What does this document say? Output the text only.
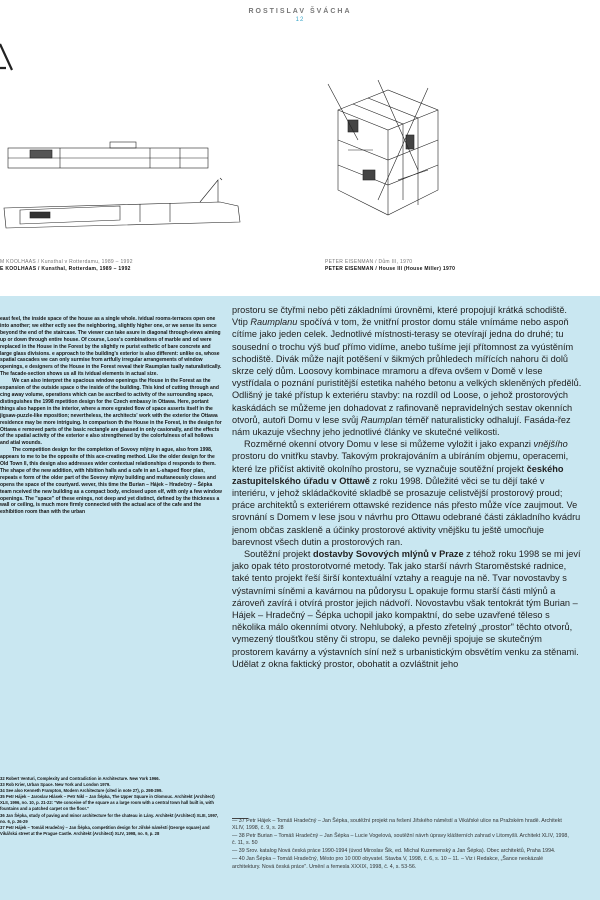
ROSTISLAV ŠVÁCHA
12
M KOOLHAAS / Kunsthal v Rotterdamu, 1989 – 1992
E KOOLHAAS / Kunsthal, Rotterdam, 1989 – 1992
PETER EISENMAN / Dům III, 1970
PETER EISENMAN / House III (House Miller) 1970

east feel, the inside space of the house as a single whole. ividual rooms-terraces open one into another; we either ectly see the neighboring, slightly higher one, or we sense its sence beyond the end of the staircase. The viewer can take asure in diagonal through-views aiming up or down through entire house. Of course, Loos's combinations of marble and od were replaced in the House in the Forest by the slightly re purist esthetic of bare concrete and large glass divisions. e approach to the building's exterior is also different: unlike os, whose spatial cascades we can only surmise from artfully irregular arrangements of window openings, e designers of the House in the Forest reveal their Raumplan tually naturalistically. The facade-section shows us all its ividual elements in actual size.

We can also interpret the spacious window openings the House in the Forest as the expansion of the outside space o the inside of the building. This kind of cutting through and cing away volume, operations which can be ascribed to activity of the surrounding space, distinguishes the 1998 mpetition design for the Czech embassy in Ottawa. Here, portant things also happen in the interior, where a more egrated flow of space asserts itself in the jigsaw-puzzle-like mposition; nevertheless, the architects' work with the exterior the Ottawa residence may be more intriguing. In comparison th the House in the Forest, in the design for Ottawa e removed parts of the basic rectangle are glassed in only casionally, and the effects of the spatial activity of the exterior e also strengthened by the colorfulness of all hollows and atial wounds.

The competition design for the completion of Sovovy mlýny in ague, also from 1998, appears to me to be the opposite of this ace-creating method. Like the older design for the Old Town ll, this design also addresses wider contextual relationships d responds to them. The shape of the new addition, with hibition halls and a cafe in an L-shaped floor plan, repeats e form of the older part of the Sovovy mlýny building and multaneously closes and opens the space of the courtyard. wever, this time the Burian – Hájek – Hradečný – Šépka team nceived the new building as a compact body, enclosed upon elf, with only a few window openings. The "space" of these enings, not deep and yet distinct, defined by the thickness a wall or ceiling, is much more firmly connected with the actual ace of the cafe and the exhibition room than with the urban

32 Robert Venturi, Complexity and Contradiction in Architecture. New York 1966.
33 Rob Krier, Urban Space. New York and London 1979.
34 See also Kenneth Frampton, Modern Architecture (cited in note 27), p. 298-299.
35 Petr Hájek – Jaroslav Hlásek – Petr Nikl – Jan Šépka, The Upper Square in Olomouc. Architekt (Architect) XLII, 1996, no. 10, p. 21-22: "We conceive of the square as a large room with a central town hall built in, with fountains and a patched carpet on the floor."
36 Jan Šépka, study of paving and minor architecture for the chateau in Lány. Architekt (Architect) XLIII, 1997, no. 6, p. 26-29
37 Petr Hájek – Tomáš Hradečný – Jan Šépka, competition design for Jiřské náměstí (George square) and Vikářská street at the Prague Castle. Architekt (Architect) XLIV, 1998, no. 9, p. 28

prostoru se čtyřmi nebo pěti základními úrovněmi, které propojují krátká schodiště. Vtip Raumplanu spočívá v tom, že vnitřní prostor domu stále vnímáme nebo aspoň cítíme jako jeden celek. Jednotlivé místnosti-terasy se otevírají jedna do druhé; tu sousední o trochu výš buď přímo vidíme, anebo tušíme její přítomnost za vyústěním schodiště. Divák může najít potěšení v šikmých průhledech mířících nahoru či dolů skrze celý dům. Loosovy kombinace mramoru a dřeva ovšem v Domě v lese vystřídala o poznání puristitější estetika nahého betonu a velkých skleněných předělů. Odlišný je také přístup k exteriéru stavby: na rozdíl od Loose, o jehož prostorových kaskádách se můžeme jen dohadovat z rafinovaně nepravidelných sestav okenních otvorů, autoři Domu v lese svůj Raumplan téměř naturalisticky odhalují. Fasáda-řez nám ukazuje všechny jeho jednotlivé články ve skutečné velikosti.

Rozměrné okenní otvory Domu v lese si můžeme vyložit i jako expanzi vnějšího prostoru do vnitřku stavby. Takovým prokrajováním a ubíráním objemu, operacemi, které lze přičíst aktivitě okolního prostoru, se vyznačuje soutěžní projekt českého zastupitelského úřadu v Ottawě z roku 1998. Důležité věci se tu dějí také v interiéru, v jehož skládačkovité skladbě se prosazuje celistvější prostorový proud; práce architektů s exteriérem ottawské rezidence nás přesto může více zaujmout. Ve srovnání s Domem v lese jsou v návrhu pro Ottawu odebrané části základního kvádru jenom občas zaskleně a účinky prostorové aktivity vnějšku tu ještě umocňuje barevnost všech dutin a prostorových ran.

Soutěžní projekt dostavby Sovových mlýnů v Praze z téhož roku 1998 se mi jeví jako opak této prostorotvorné metody. Tak jako starší návrh Staroměstské radnice, také tento projekt řeší širší kontextuální vztahy a reaguje na ně. Tvar novostavby s výstavními síněmi a kavárnou na půdorysu L opakuje formu starší části mlýnů a zároveň zavírá i otvírá prostor jejich nádvoří. Novostavbu však tentokrát tým Burian – Hájek – Hradečný – Šépka uchopil jako kompaktní, do sebe uzavřené těleso s několika málo okenními otvory. Nehluboký, a přesto zřetelný „prostor" těchto otvorů, vymezený tloušťkou stěny či stropu, se daleko pevněji spojuje se skutečným prostorem kavárny a výstavních síní než s urbanistickým obsvětím venku za stěnami. Udělat z okna faktický prostor, obohatit a ozvláštnit jeho

— 37 Petr Hájek – Tomáš Hradečný – Jan Šépka, soutěžní projekt na řešení Jiřského náměstí a Vikářské ulice na Pražském hradě. Architekt XLIV, 1998, č. 9, s. 28
— 38 Petr Burian – Tomáš Hradečný – Jan Šépka – Lucie Vogelová, soutěžní návrh úpravy klášterních zahrad v Litomyšli. Architekt XLIV, 1998, č. 11, s. 50
— 39 Srov. katalog Nová česká práce 1990-1994 (úvod Miroslav Šik, ed. Michal Kuzemenský a Jan Šépka). Obec architektů, Praha 1994.
— 40 Jan Šépka – Tomáš Hradečný, Město pro 10 000 obyvatel. Stavba V, 1998, č. 6, s. 10 – 11. – Viz i Redakce, „Šance neokázalé architektury. Nová česká práce". Umění a řemesla XXXIX, 1998, č. 4, s. 53-56.
